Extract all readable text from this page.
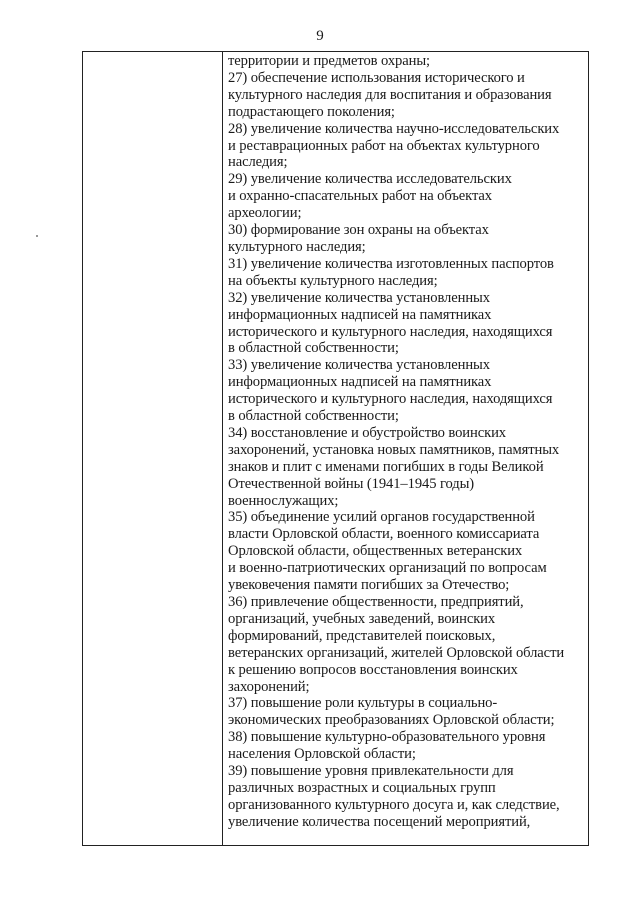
9
территории и предметов охраны;
27) обеспечение использования исторического и
культурного наследия для воспитания и образования
подрастающего поколения;
28) увеличение количества научно-исследовательских
и реставрационных работ на объектах культурного
наследия;
29) увеличение количества исследовательских
и охранно-спасательных работ на объектах
археологии;
30) формирование зон охраны на объектах
культурного наследия;
31) увеличение количества изготовленных паспортов
на объекты культурного наследия;
32) увеличение количества установленных
информационных надписей на памятниках
исторического и культурного наследия, находящихся
в областной собственности;
33) увеличение количества установленных
информационных надписей на памятниках
исторического и культурного наследия, находящихся
в областной собственности;
34) восстановление и обустройство воинских
захоронений, установка новых памятников, памятных
знаков и плит с именами погибших в годы Великой
Отечественной войны (1941–1945 годы)
военнослужащих;
35) объединение усилий органов государственной
власти Орловской области, военного комиссариата
Орловской области, общественных ветеранских
и военно-патриотических организаций по вопросам
увековечения памяти погибших за Отечество;
36) привлечение общественности, предприятий,
организаций, учебных заведений, воинских
формирований, представителей поисковых,
ветеранских организаций, жителей Орловской области
к решению вопросов восстановления воинских
захоронений;
37) повышение роли культуры в социально-
экономических преобразованиях Орловской области;
38) повышение культурно-образовательного уровня
населения Орловской области;
39) повышение уровня привлекательности для
различных возрастных и социальных групп
организованного культурного досуга и, как следствие,
увеличение количества посещений мероприятий,
